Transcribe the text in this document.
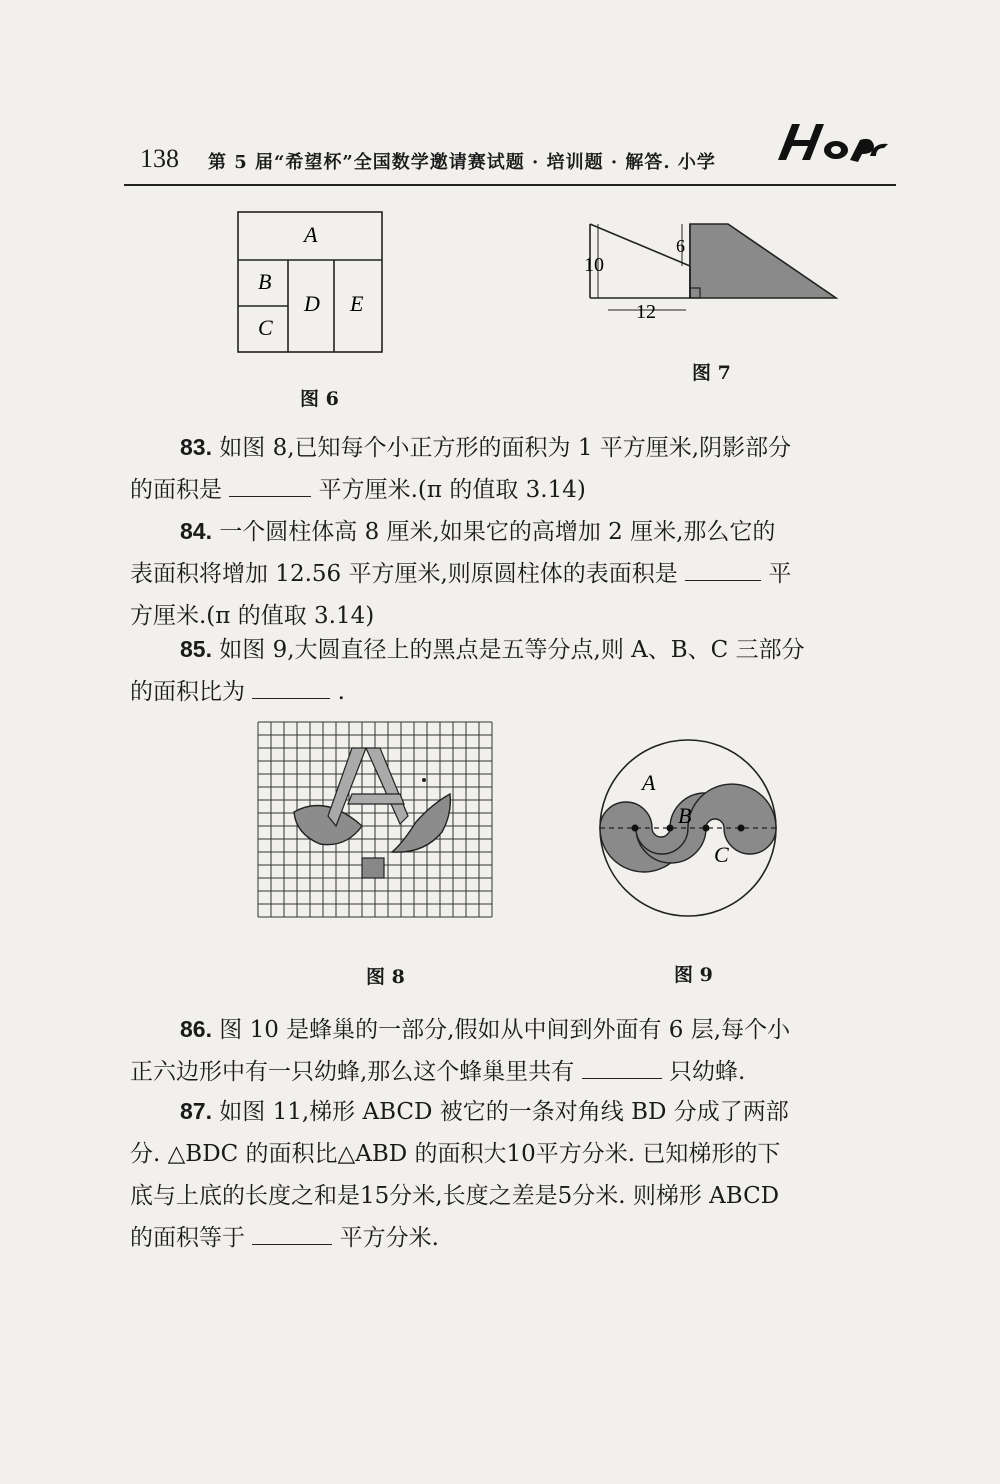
138 第 5 届“希望杯”全国数学邀请赛试题 · 培训题 · 解答. 小学
A
B
C
D E
图 6
10
6
12
图 7
83. 如图 8,已知每个小正方形的面积为 1 平方厘米,阴影部分
的面积是	平方厘米.(π 的值取 3.14)
84. 一个圆柱体高 8 厘米,如果它的高增加 2 厘米,那么它的
表面积将增加 12.56 平方厘米,则原圆柱体的表面积是	平
方厘米.(π 的值取 3.14)
85. 如图 9,大圆直径上的黑点是五等分点,则 A、B、C 三部分
的面积比为	.
图 8
A
B
C
图 9
86. 图 10 是蜂巢的一部分,假如从中间到外面有 6 层,每个小
正六边形中有一只幼蜂,那么这个蜂巢里共有	只幼蜂.
87. 如图 11,梯形 ABCD 被它的一条对角线 BD 分成了两部
分. △BDC 的面积比△ABD 的面积大10平方分米. 已知梯形的下
底与上底的长度之和是15分米,长度之差是5分米. 则梯形 ABCD
的面积等于	平方分米.
